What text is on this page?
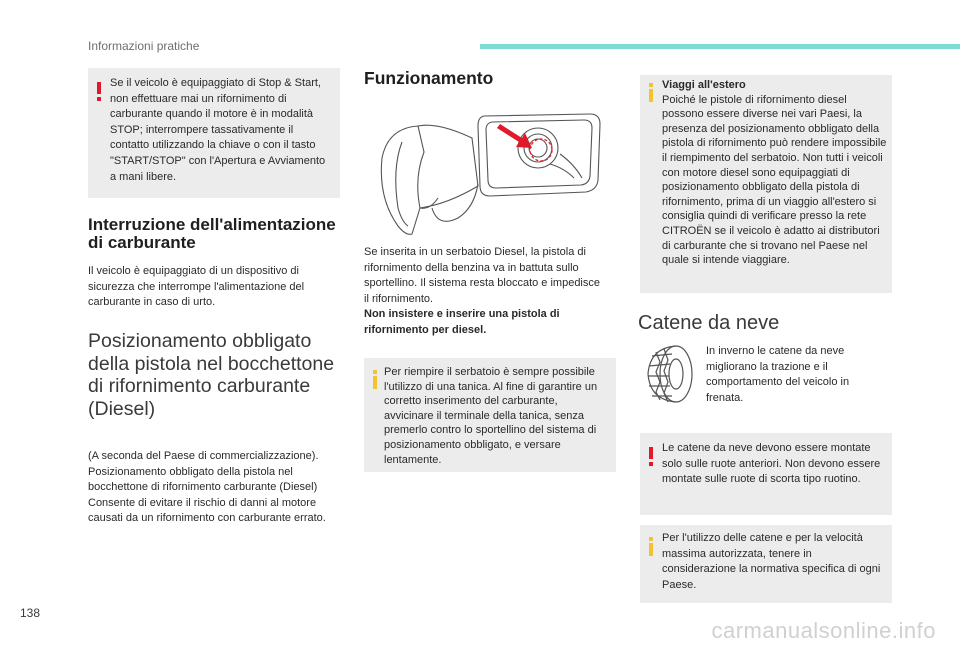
Informazioni pratiche
Se il veicolo è equipaggiato di Stop & Start, non effettuare mai un rifornimento di carburante quando il motore è in modalità STOP; interrompere tassativamente il contatto utilizzando la chiave o con il tasto "START/STOP" con l'Apertura e Avviamento a mani libere.
Interruzione dell'alimentazione di carburante
Il veicolo è equipaggiato di un dispositivo di sicurezza che interrompe l'alimentazione del carburante in caso di urto.
Posizionamento obbligato della pistola nel bocchettone di rifornimento carburante (Diesel)
(A seconda del Paese di commercializzazione). Posizionamento obbligato della pistola nel bocchettone di rifornimento carburante (Diesel) Consente di evitare il rischio di danni al motore causati da un rifornimento con carburante errato.
Funzionamento
Se inserita in un serbatoio Diesel, la pistola di rifornimento della benzina va in battuta sullo sportellino. Il sistema resta bloccato e impedisce il rifornimento.
Non insistere e inserire una pistola di rifornimento per diesel.
Per riempire il serbatoio è sempre possibile l'utilizzo di una tanica. Al fine di garantire un corretto inserimento del carburante, avvicinare il terminale della tanica, senza premerlo contro lo sportellino del sistema di posizionamento obbligato, e versare lentamente.
Viaggi all'estero
Poiché le pistole di rifornimento diesel possono essere diverse nei vari Paesi, la presenza del posizionamento obbligato della pistola di rifornimento può rendere impossibile il riempimento del serbatoio. Non tutti i veicoli con motore diesel sono equipaggiati di posizionamento obbligato della pistola di rifornimento, prima di un viaggio all'estero si consiglia quindi di verificare presso la rete CITROËN se il veicolo è adatto ai distributori di carburante che si trovano nel Paese nel quale si intende viaggiare.
Catene da neve
In inverno le catene da neve migliorano la trazione e il comportamento del veicolo in frenata.
Le catene da neve devono essere montate solo sulle ruote anteriori. Non devono essere montate sulle ruote di scorta tipo ruotino.
Per l'utilizzo delle catene e per la velocità massima autorizzata, tenere in considerazione la normativa specifica di ogni Paese.
138
carmanualsonline.info
